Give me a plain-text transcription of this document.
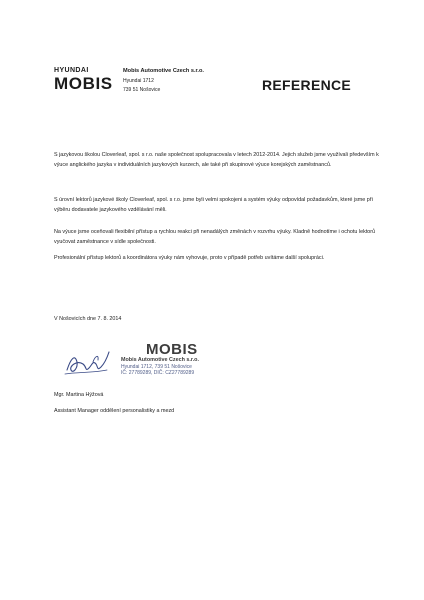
HYUNDAI
MOBIS
Mobis Automotive Czech s.r.o.
Hyundai 1712
739 51 Nošovice	REFERENCE
S jazykovou školou Cloverleaf, spol. s r.o. naše společnost spolupracovala v letech 2012-2014. Jejich služeb jsme využívali především k výuce anglického jazyka v individuálních jazykových kurzech, ale také při skupinové výuce korejských zaměstnanců.
S úrovní lektorů jazykové školy Cloverleaf, spol. s r.o. jsme byli velmi spokojeni a systém výuky odpovídal požadavkům, které jsme při výběru dodavatele jazykového vzdělávání měli.
Na výuce jsme oceňovali flexibilní přístup a rychlou reakci při nenadálých změnách v rozvrhu výuky. Kladně hodnotíme i ochotu lektorů vyučovat zaměstnance v sídle společnosti.
Profesionální přístup lektorů a koordinátora výuky nám vyhovuje, proto v případě potřeb uvítáme další spolupráci.
V Nošovicích dne 7. 8. 2014
MOBIS
Mobis Automotive Czech s.r.o.
Hyundai 1712, 739 51 Nošovice
IČ: 27789289, DIČ: CZ27789289
Mgr. Martina Hýžová
Assistant Manager oddělení personalistiky a mezd
